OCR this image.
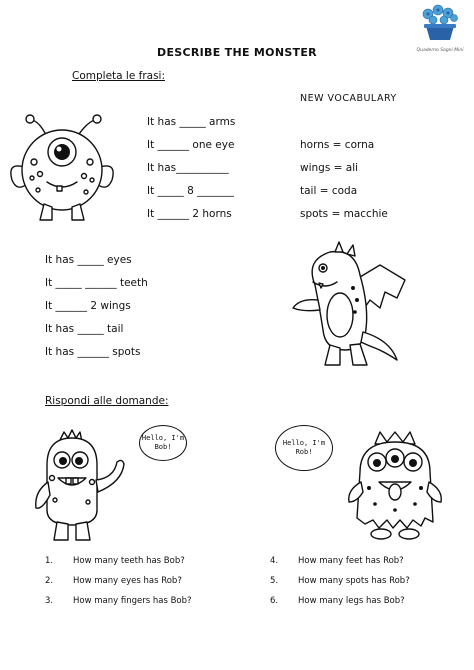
Quaderno Sogni Mini
DESCRIBE THE MONSTER
Completa le frasi:
NEW VOCABULARY
horns = corna
wings = ali
tail = coda
spots = macchie
It has _____ arms
It ______ one eye
It has__________
It _____ 8 _______
It ______ 2 horns
It has _____ eyes
It _____ ______ teeth
It ______ 2 wings
It has _____ tail
It has ______ spots
Rispondi alle domande:
Hello, I'm Bob!	Hello, I'm Rob!
1. How many teeth has Bob?
2. How many eyes has Rob?
3. How many fingers has Bob?
4. How many feet has Rob?
5. How many spots has Rob?
6. How many legs has Bob?
